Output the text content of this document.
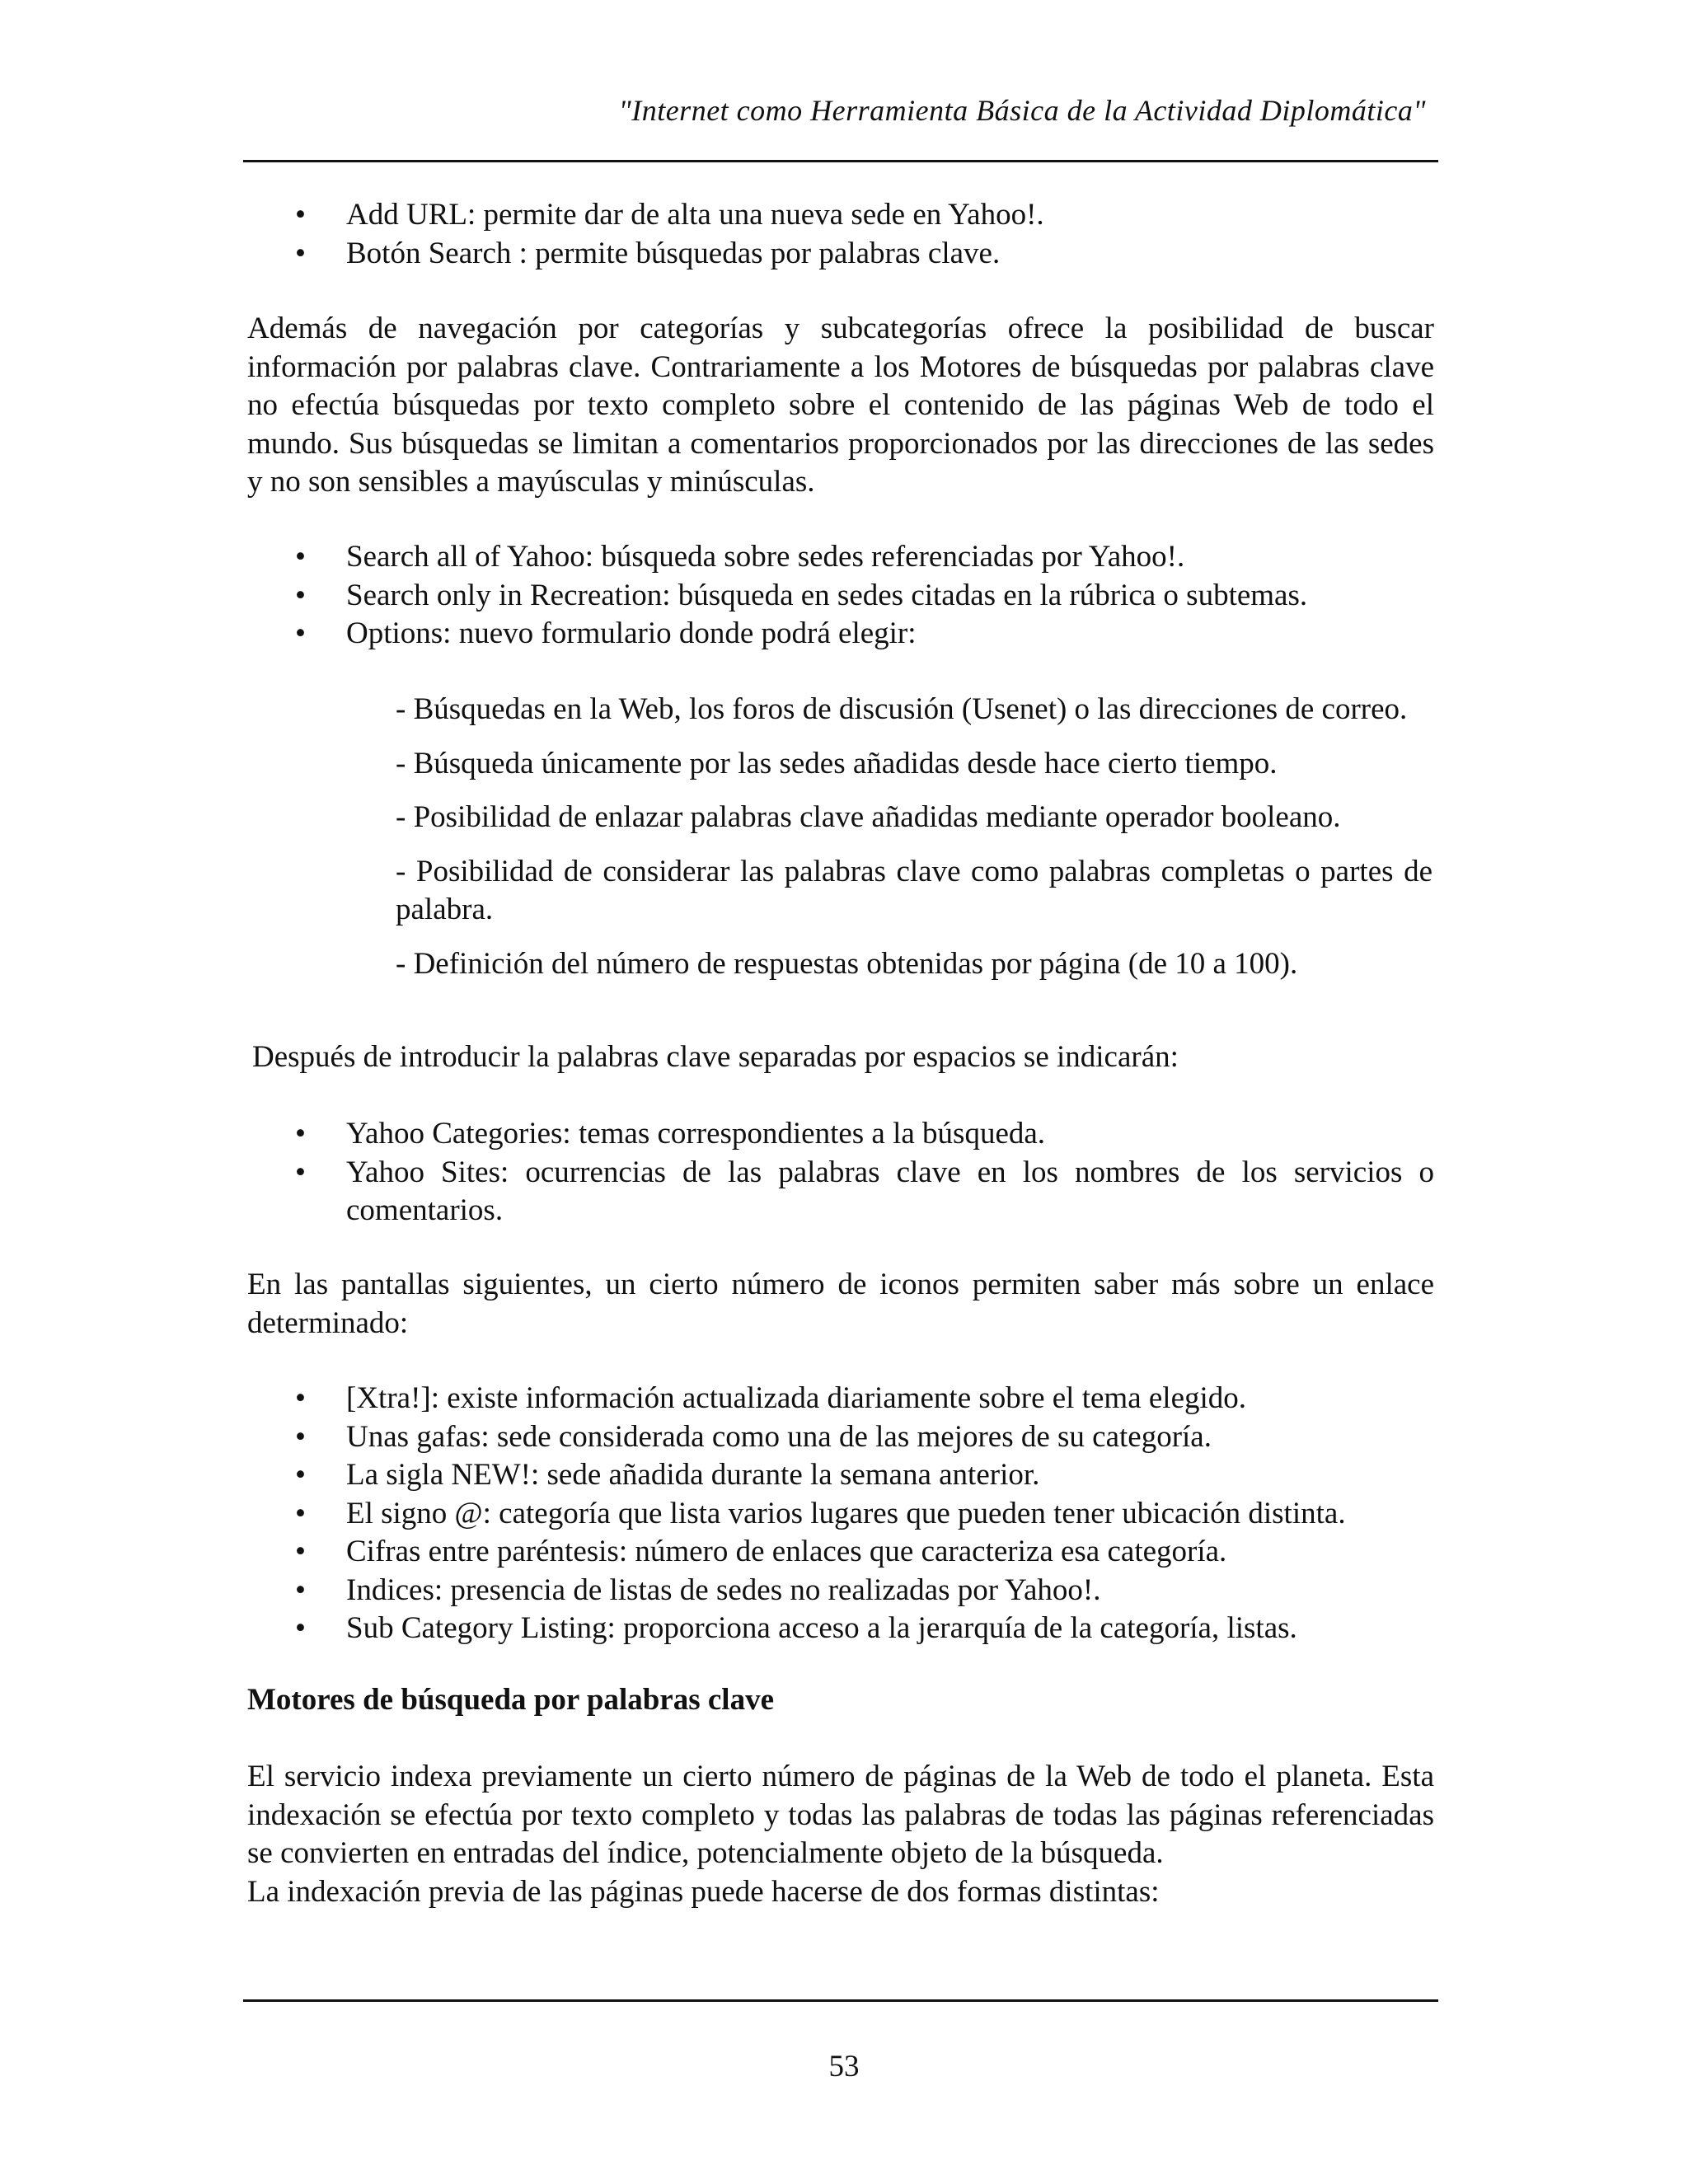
"Internet como Herramienta Básica de la Actividad Diplomática"
• Add URL: permite dar de alta una nueva sede en Yahoo!.
• Botón Search : permite búsquedas por palabras clave.

Además de navegación por categorías y subcategorías ofrece la posibilidad de buscar información por palabras clave. Contrariamente a los Motores de búsquedas por palabras clave no efectúa búsquedas por texto completo sobre el contenido de las páginas Web de todo el mundo. Sus búsquedas se limitan a comentarios proporcionados por las direcciones de las sedes y no son sensibles a mayúsculas y minúsculas.

• Search all of Yahoo: búsqueda sobre sedes referenciadas por Yahoo!.
• Search only in Recreation: búsqueda en sedes citadas en la rúbrica o subtemas.
• Options: nuevo formulario donde podrá elegir:

- Búsquedas en la Web, los foros de discusión (Usenet) o las direcciones de correo.

- Búsqueda únicamente por las sedes añadidas desde hace cierto tiempo.

- Posibilidad de enlazar palabras clave añadidas mediante operador booleano.

- Posibilidad de considerar las palabras clave como palabras completas o partes de palabra.

- Definición del número de respuestas obtenidas por página (de 10 a 100).

Después de introducir la palabras clave separadas por espacios se indicarán:

• Yahoo Categories: temas correspondientes a la búsqueda.
• Yahoo Sites: ocurrencias de las palabras clave en los nombres de los servicios o comentarios.

En las pantallas siguientes, un cierto número de iconos permiten saber más sobre un enlace determinado:

• [Xtra!]: existe información actualizada diariamente sobre el tema elegido.
• Unas gafas: sede considerada como una de las mejores de su categoría.
• La sigla NEW!: sede añadida durante la semana anterior.
• El signo @: categoría que lista varios lugares que pueden tener ubicación distinta.
• Cifras entre paréntesis: número de enlaces que caracteriza esa categoría.
• Indices: presencia de listas de sedes no realizadas por Yahoo!.
• Sub Category Listing: proporciona acceso a la jerarquía de la categoría, listas.
Motores de búsqueda por palabras clave

El servicio indexa previamente un cierto número de páginas de la Web de todo el planeta. Esta indexación se efectúa por texto completo y todas las palabras de todas las páginas referenciadas se convierten en entradas del índice, potencialmente objeto de la búsqueda.

La indexación previa de las páginas puede hacerse de dos formas distintas:

53
